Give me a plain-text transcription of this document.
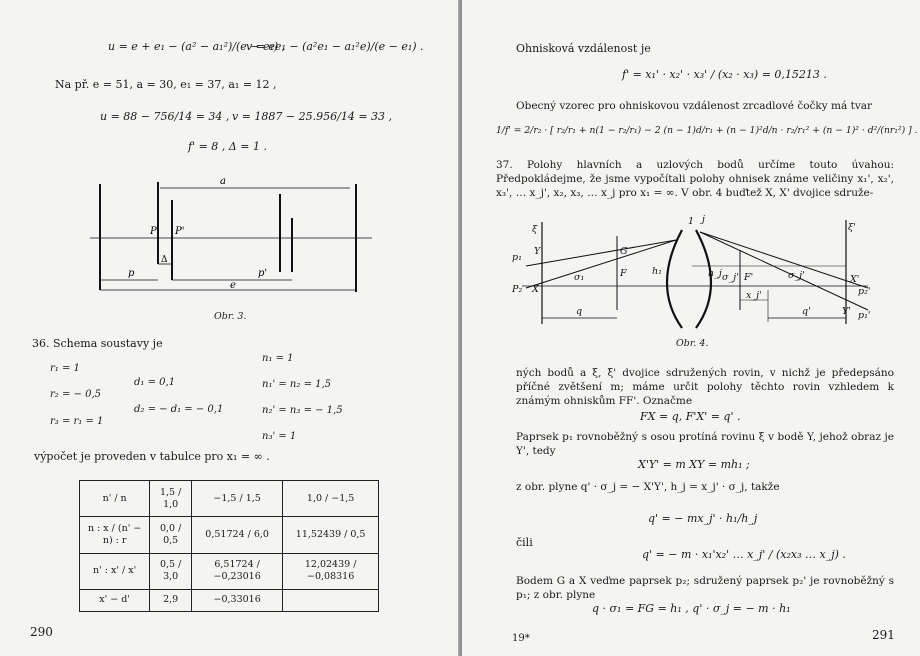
u = e + e₁ − (a² − a₁²)/(e − e₁) ,
v = ee₁ − (a²e₁ − a₁²e)/(e − e₁) .
Na př. e = 51, a = 30, e₁ = 37, a₁ = 12 ,
u = 88 − 756/14 = 34 , v = 1887 − 25.956/14 = 33 ,
f' = 8 , Δ = 1 .
a
P P'
p	p'
Δ
e
Obr. 3.
36. Schema soustavy je
r₁ = 1
r₂ = − 0,5
r₃ = r₁ = 1
d₁ = 0,1
d₂ = − d₁ = − 0,1
n₁ = 1
n₁' = n₂ = 1,5
n₂' = n₃ = − 1,5
n₃' = 1
výpočet je proveden v tabulce pro x₁ = ∞ .
n' / n	1,5 / 1,0	−1,5 / 1,5	1,0 / −1,5
n : x / (n' − n) : r	0,0 / 0,5	0,51724 / 6,0	11,52439 / 0,5
n' : x' / x'	0,5 / 3,0	6,51724 / −0,23016	12,02439 / −0,08316
x' − d'	2,9	−0,33016	
290
Ohnisková vzdálenost je
f' = x₁' · x₂' · x₃' / (x₂ · x₃) = 0,15213 .
Obecný vzorec pro ohniskovou vzdálenost zrcadlové čočky má tvar
1/f' = 2/r₂ · [ r₂/r₁ + n(1 − r₂/r₁) − 2 (n − 1)d/r₁ + (n − 1)²d/n · r₂/r₁² + (n − 1)² · d²/(nr₁²) ] .
37. Polohy hlavních a uzlových bodů určíme touto úvahou: Předpokládejme, že jsme vypočítali polohy ohnisek známe veličiny x₁', x₂', x₃', … x_j', x₂, x₃, … x_j pro x₁ = ∞. V obr. 4 buďtež X, X' dvojice sdruže-
1 j
ξ	ξ'
p₁
Y	G
P₂ X
F
σ₁
h₁	h_j σ_j' F'	σ_j'	X'
p₂'
Y' p₁'
x_j'
q	q'
Obr. 4.
ných bodů a ξ, ξ' dvojice sdružených rovin, v nichž je předepsáno příčné zvětšení m; máme určit polohy těchto rovin vzhledem k známým ohniskům FF'. Označme
FX = q, F'X' = q' .
Paprsek p₁ rovnoběžný s osou protíná rovinu ξ v bodě Y, jehož obraz je Y', tedy
X'Y' = m XY = mh₁ ;
z obr. plyne q' · σ_j = − X'Y', h_j = x_j' · σ_j, takže
q' = − mx_j' · h₁/h_j
čili
q' = − m · x₁'x₂' … x_j' / (x₂x₃ … x_j) .
Bodem G a X veďme paprsek p₂; sdružený paprsek p₂' je rovnoběžný s p₁; z obr. plyne
q · σ₁ = FG = h₁ , q' · σ_j = − m · h₁
19*	291
